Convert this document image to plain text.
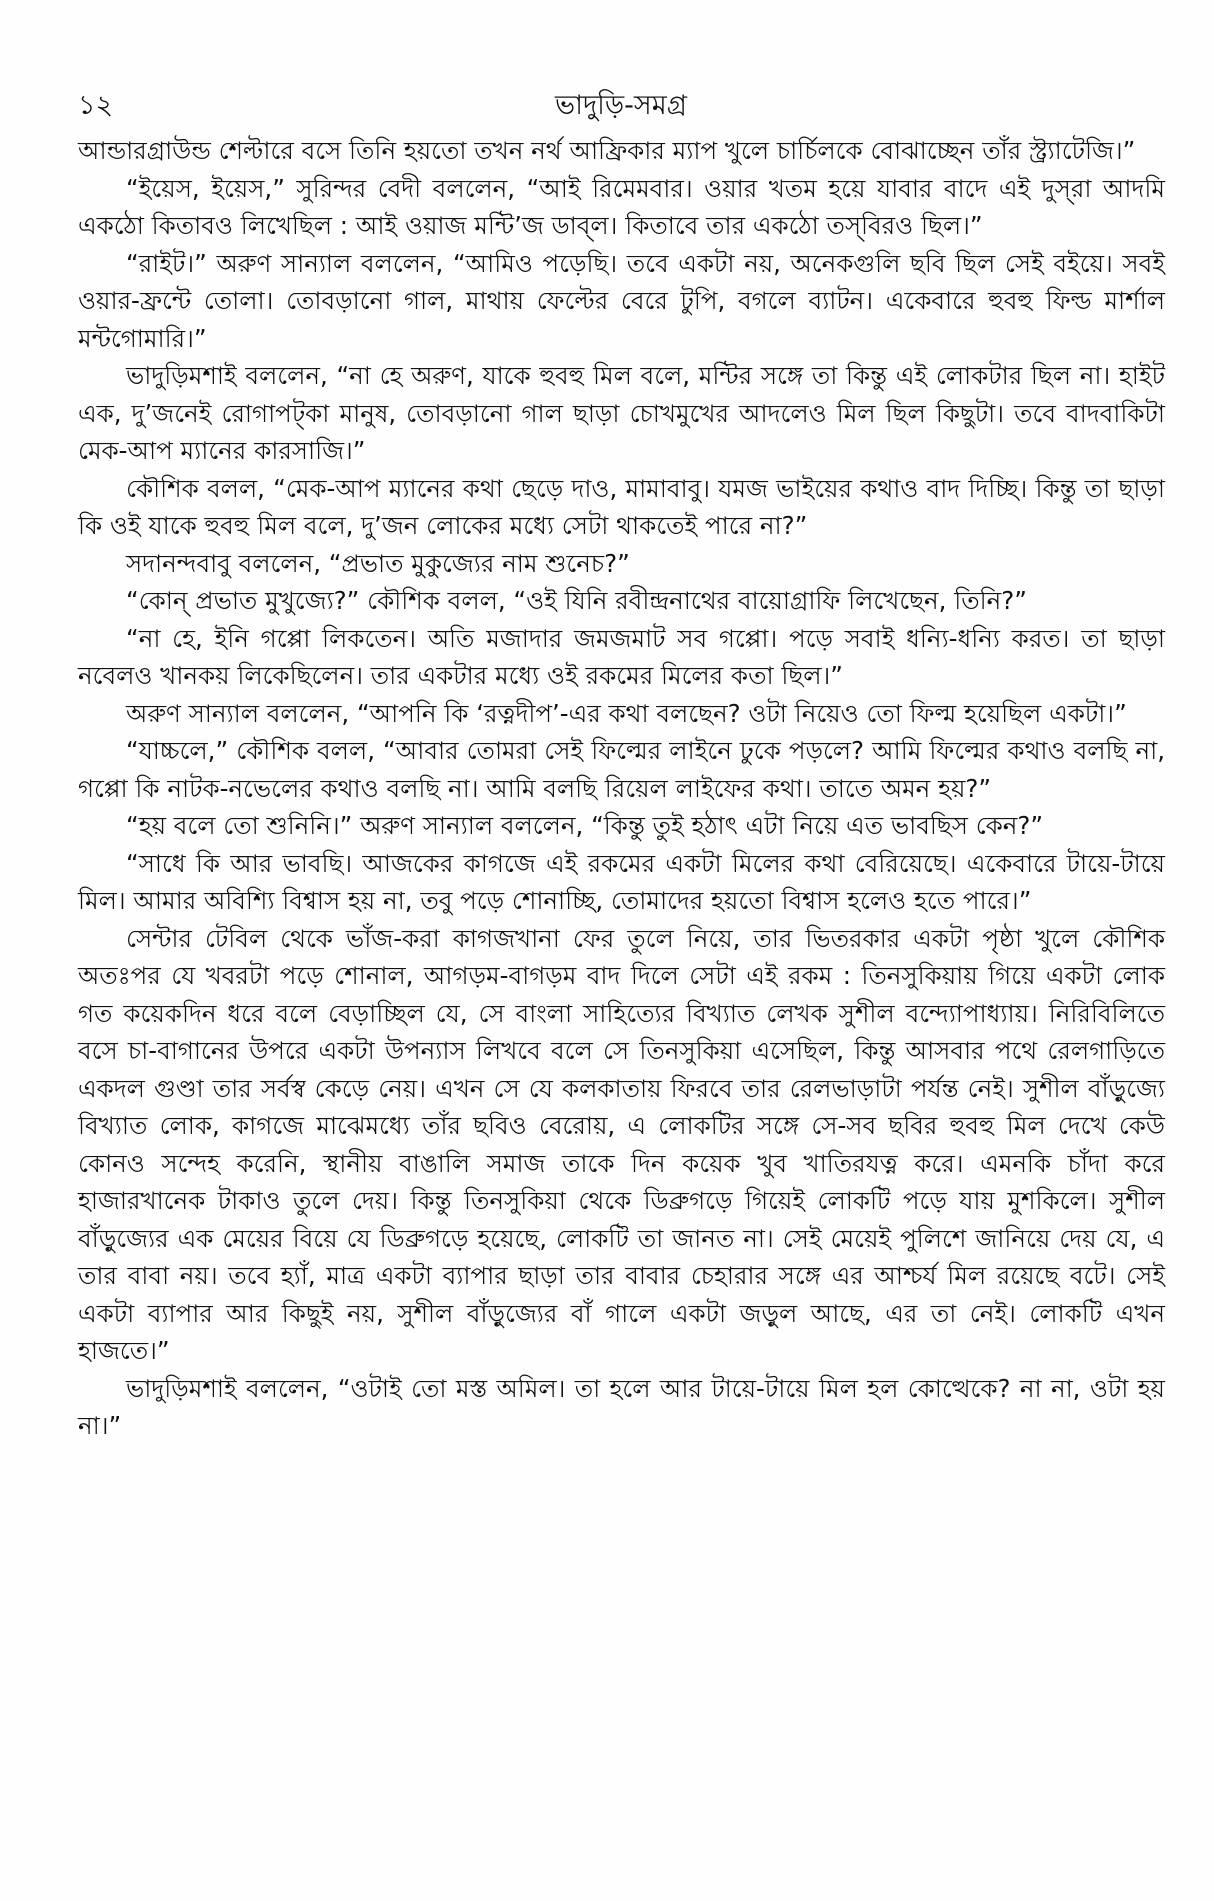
১২	ভাদুড়ি-সমগ্র

আন্ডারগ্রাউন্ড শেল্টারে বসে তিনি হয়তো তখন নর্থ আফ্রিকার ম্যাপ খুলে চার্চিলকে বোঝাচ্ছেন তাঁর স্ট্র্যাটেজি।”

“ইয়েস, ইয়েস,” সুরিন্দর বেদী বললেন, “আই রিমেমবার। ওয়ার খতম হয়ে যাবার বাদে এই দুস্‌রা আদমি একঠো কিতাবও লিখেছিল : আই ওয়াজ মন্টি’জ ডাব্‌ল। কিতাবে তার একঠো তস্‌বিরও ছিল।”

“রাইট।” অরুণ সান্যাল বললেন, “আমিও পড়েছি। তবে একটা নয়, অনেকগুলি ছবি ছিল সেই বইয়ে। সবই ওয়ার-ফ্রন্টে তোলা। তোবড়ানো গাল, মাথায় ফেল্টের বেরে টুপি, বগলে ব্যাটন। একেবারে হুবহু ফিল্ড মার্শাল মন্টগোমারি।”

ভাদুড়িমশাই বললেন, “না হে অরুণ, যাকে হুবহু মিল বলে, মন্টির সঙ্গে তা কিন্তু এই লোকটার ছিল না। হাইট এক, দু’জনেই রোগাপট্‌কা মানুষ, তোবড়ানো গাল ছাড়া চোখমুখের আদলেও মিল ছিল কিছুটা। তবে বাদবাকিটা মেক-আপ ম্যানের কারসাজি।”

কৌশিক বলল, “মেক-আপ ম্যানের কথা ছেড়ে দাও, মামাবাবু। যমজ ভাইয়ের কথাও বাদ দিচ্ছি। কিন্তু তা ছাড়া কি ওই যাকে হুবহু মিল বলে, দু’জন লোকের মধ্যে সেটা থাকতেই পারে না?”

সদানন্দবাবু বললেন, “প্রভাত মুকুজ্যের নাম শুনেচ?”

“কোন্‌ প্রভাত মুখুজ্যে?” কৌশিক বলল, “ওই যিনি রবীন্দ্রনাথের বায়োগ্রাফি লিখেছেন, তিনি?”

“না হে, ইনি গপ্পো লিকতেন। অতি মজাদার জমজমাট সব গপ্পো। পড়ে সবাই ধন্যি-ধন্যি করত। তা ছাড়া নবেলও খানকয় লিকেছিলেন। তার একটার মধ্যে ওই রকমের মিলের কতা ছিল।”

অরুণ সান্যাল বললেন, “আপনি কি ‘রত্নদীপ’-এর কথা বলছেন? ওটা নিয়েও তো ফিল্ম হয়েছিল একটা।”

“যাচ্চলে,” কৌশিক বলল, “আবার তোমরা সেই ফিল্মের লাইনে ঢুকে পড়লে? আমি ফিল্মের কথাও বলছি না, গপ্পো কি নাটক-নভেলের কথাও বলছি না। আমি বলছি রিয়েল লাইফের কথা। তাতে অমন হয়?”

“হয় বলে তো শুনিনি।” অরুণ সান্যাল বললেন, “কিন্তু তুই হঠাৎ এটা নিয়ে এত ভাবছিস কেন?”

“সাধে কি আর ভাবছি। আজকের কাগজে এই রকমের একটা মিলের কথা বেরিয়েছে। একেবারে টায়ে-টায়ে মিল। আমার অবিশ্যি বিশ্বাস হয় না, তবু পড়ে শোনাচ্ছি, তোমাদের হয়তো বিশ্বাস হলেও হতে পারে।”

সেন্টার টেবিল থেকে ভাঁজ-করা কাগজখানা ফের তুলে নিয়ে, তার ভিতরকার একটা পৃষ্ঠা খুলে কৌশিক অতঃপর যে খবরটা পড়ে শোনাল, আগড়ম-বাগড়ম বাদ দিলে সেটা এই রকম : তিনসুকিয়ায় গিয়ে একটা লোক গত কয়েকদিন ধরে বলে বেড়াচ্ছিল যে, সে বাংলা সাহিত্যের বিখ্যাত লেখক সুশীল বন্দ্যোপাধ্যায়। নিরিবিলিতে বসে চা-বাগানের উপরে একটা উপন্যাস লিখবে বলে সে তিনসুকিয়া এসেছিল, কিন্তু আসবার পথে রেলগাড়িতে একদল গুণ্ডা তার সর্বস্ব কেড়ে নেয়। এখন সে যে কলকাতায় ফিরবে তার রেলভাড়াটা পর্যন্ত নেই। সুশীল বাঁড়ুজ্যে বিখ্যাত লোক, কাগজে মাঝেমধ্যে তাঁর ছবিও বেরোয়, এ লোকটির সঙ্গে সে-সব ছবির হুবহু মিল দেখে কেউ কোনও সন্দেহ করেনি, স্থানীয় বাঙালি সমাজ তাকে দিন কয়েক খুব খাতিরযত্ন করে। এমনকি চাঁদা করে হাজারখানেক টাকাও তুলে দেয়। কিন্তু তিনসুকিয়া থেকে ডিব্রুগড়ে গিয়েই লোকটি পড়ে যায় মুশকিলে। সুশীল বাঁড়ুজ্যের এক মেয়ের বিয়ে যে ডিব্রুগড়ে হয়েছে, লোকটি তা জানত না। সেই মেয়েই পুলিশে জানিয়ে দেয় যে, এ তার বাবা নয়। তবে হ্যাঁ, মাত্র একটা ব্যাপার ছাড়া তার বাবার চেহারার সঙ্গে এর আশ্চর্য মিল রয়েছে বটে। সেই একটা ব্যাপার আর কিছুই নয়, সুশীল বাঁড়ুজ্যের বাঁ গালে একটা জড়ুল আছে, এর তা নেই। লোকটি এখন হাজতে।”

ভাদুড়িমশাই বললেন, “ওটাই তো মস্ত অমিল। তা হলে আর টায়ে-টায়ে মিল হল কোত্থেকে? না না, ওটা হয় না।”
